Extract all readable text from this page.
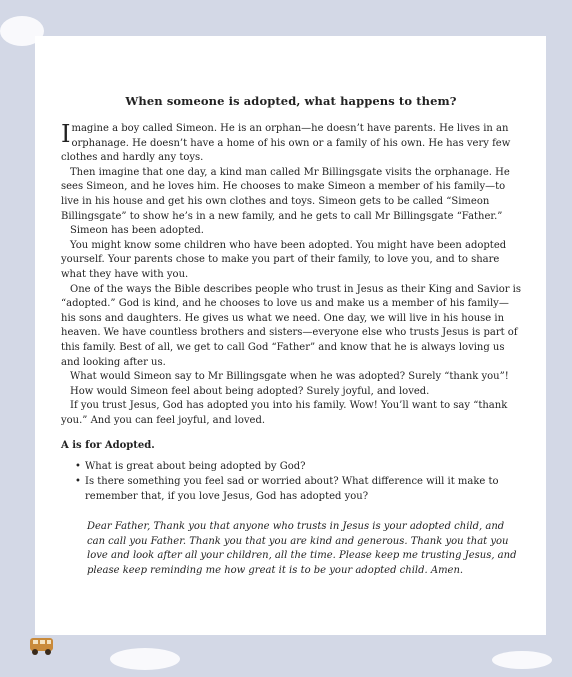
When someone is adopted, what happens to them?

Imagine a boy called Simeon. He is an orphan—he doesn’t have parents. He lives in an orphanage. He doesn’t have a home of his own or a family of his own. He has very few clothes and hardly any toys.

Then imagine that one day, a kind man called Mr Billingsgate visits the orphanage. He sees Simeon, and he loves him. He chooses to make Simeon a member of his family—to live in his house and get his own clothes and toys. Simeon gets to be called “Simeon Billingsgate” to show he’s in a new family, and he gets to call Mr Billingsgate “Father.”

Simeon has been adopted.

You might know some children who have been adopted. You might have been adopted yourself. Your parents chose to make you part of their family, to love you, and to share what they have with you.

One of the ways the Bible describes people who trust in Jesus as their King and Savior is “adopted.” God is kind, and he chooses to love us and make us a member of his family—his sons and daughters. He gives us what we need. One day, we will live in his house in heaven. We have countless brothers and sisters—everyone else who trusts Jesus is part of this family. Best of all, we get to call God “Father” and know that he is always loving us and looking after us.

What would Simeon say to Mr Billingsgate when he was adopted? Surely “thank you”!

How would Simeon feel about being adopted? Surely joyful, and loved.

If you trust Jesus, God has adopted you into his family. Wow! You’ll want to say “thank you.” And you can feel joyful, and loved.

A is for Adopted.
• What is great about being adopted by God?
• Is there something you feel sad or worried about? What difference will it make to remember that, if you love Jesus, God has adopted you?

Dear Father, Thank you that anyone who trusts in Jesus is your adopted child, and can call you Father. Thank you that you are kind and generous. Thank you that you love and look after all your children, all the time. Please keep me trusting Jesus, and please keep reminding me how great it is to be your adopted child. Amen.
